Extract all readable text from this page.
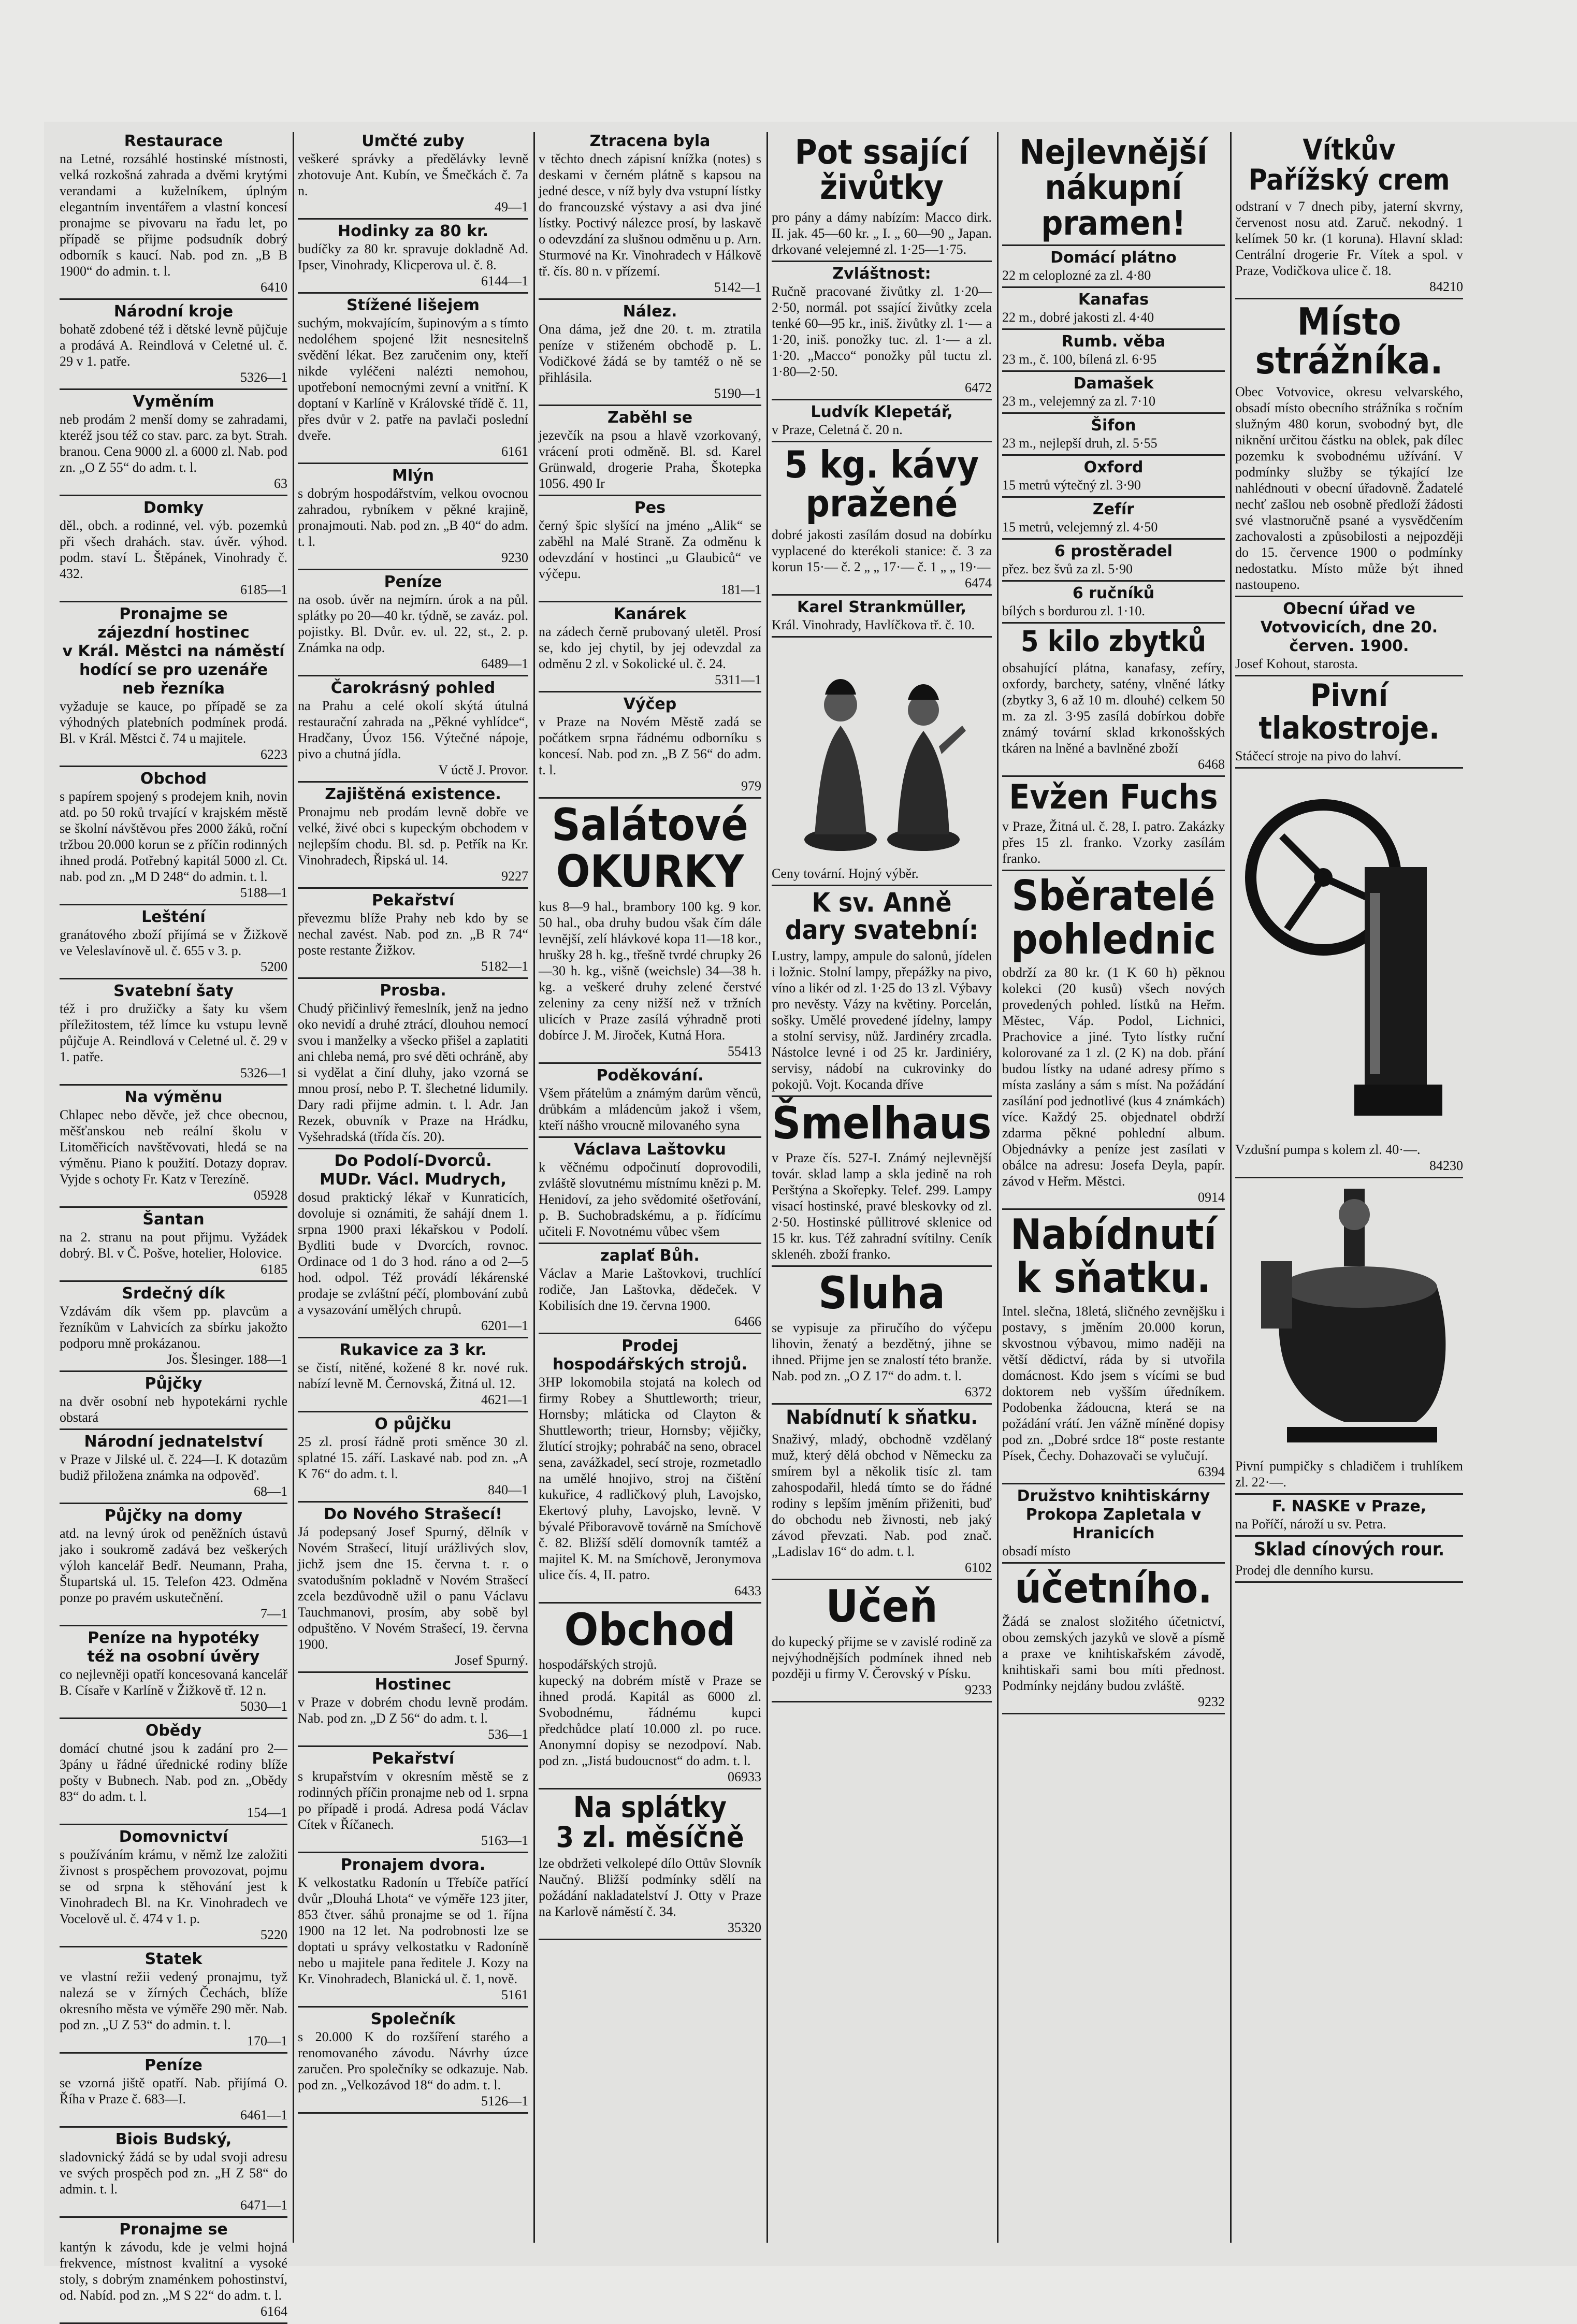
Restaurace

na Letné, rozsáhlé hostinské místnosti, velká rozkošná zahrada a dvěmi krytými verandami a kuželníkem, úplným elegantním inventářem a vlastní koncesí pronajme se pivovaru na řadu let, po případě se přijme podsudník dobrý odborník s kaucí. Nab. pod zn. „B B 1900“ do admin. t. l.

6410
Národní kroje

bohatě zdobené též i dětské levně půjčuje a prodává A. Reindlová v Celetné ul. č. 29 v 1. patře.

5326—1
Vyměním

neb prodám 2 menší domy se zahradami, kteréž jsou též co stav. parc. za byt. Strah. branou. Cena 9000 zl. a 6000 zl. Nab. pod zn. „O Z 55“ do adm. t. l.

63
Domky

děl., obch. a rodinné, vel. výb. pozemků při všech drahách. stav. úvěr. výhod. podm. staví L. Štěpánek, Vinohrady č. 432.

6185—1
Pronajme se
zájezdní hostinec
v Král. Městci na náměstí
hodící se pro uzenáře
neb řezníka

vyžaduje se kauce, po případě se za výhodných platebních podmínek prodá. Bl. v Král. Městci č. 74 u majitele.

6223
Obchod

s papírem spojený s prodejem knih, novin atd. po 50 roků trvající v krajském městě se školní návštěvou přes 2000 žáků, roční tržbou 20.000 korun se z příčin rodinných ihned prodá. Potřebný kapitál 5000 zl. Ct. nab. pod zn. „M D 248“ do admin. t. l.

5188—1
Lešténí

granátového zboží přijímá se v Žižkově ve Veleslavínově ul. č. 655 v 3. p.

5200
Svatební šaty

též i pro družičky a šaty ku všem příležitostem, též límce ku vstupu levně půjčuje A. Reindlová v Celetné ul. č. 29 v 1. patře.

5326—1
Na výměnu

Chlapec nebo děvče, jež chce obecnou, měšťanskou neb reální školu v Litoměřicích navštěvovati, hledá se na výměnu. Piano k použití. Dotazy doprav. Vyjde s ochoty Fr. Katz v Terezíně.

05928
Šantan

na 2. stranu na pout přijmu. Vyžádek dobrý. Bl. v Č. Pošve, hotelier, Holovice.

6185
Srdečný dík

Vzdávám dík všem pp. plavcům a řezníkům v Lahvicích za sbírku jakožto podporu mně prokázanou.

Jos. Šlesinger. 188—1
Půjčky

na dvěr osobní neb hypotekárni rychle obstará

Národní jednatelství

v Praze v Jilské ul. č. 224—I. K dotazům budiž přiložena známka na odpověď.

68—1
Půjčky na domy

atd. na levný úrok od peněžních ústavů jako i soukromě zadává bez veškerých výloh kancelář Bedř. Neumann, Praha, Štupartská ul. 15. Telefon 423. Odměna ponze po pravém uskutečnění.

7—1
Peníze na hypotéky
též na osobní úvěry

co nejlevněji opatří koncesovaná kancelář B. Císaře v Karlíně v Žižkově tř. 12 n.

5030—1
Obědy

domácí chutné jsou k zadání pro 2—3pány u řádné úřednické rodiny blíže pošty v Bubnech. Nab. pod zn. „Obědy 83“ do adm. t. l.

154—1
Domovnictví

s používáním krámu, v němž lze založiti živnost s prospěchem provozovat, pojmu se od srpna k stěhování jest k Vinohradech Bl. na Kr. Vinohradech ve Vocelově ul. č. 474 v 1. p.

5220
Statek

ve vlastní režii vedený pronajmu, tyž nalezá se v žírných Čechách, blíže okresního města ve výměře 290 měr. Nab. pod zn. „U Z 53“ do admin. t. l.

170—1
Peníze

se vzorná jiště opatří. Nab. přijímá O. Říha v Praze č. 683—I.

6461—1
Biois Budský,

sladovnický žádá se by udal svoji adresu ve svých prospěch pod zn. „H Z 58“ do admin. t. l.

6471—1
Pronajme se

kantýn k závodu, kde je velmi hojná frekvence, místnost kvalitní a vysoké stoly, s dobrým znaménkem pohostinství, od. Nabíd. pod zn. „M S 22“ do adm. t. l.

6164
Umčté zuby

veškeré správky a předělávky levně zhotovuje Ant. Kubín, ve Šmečkách č. 7a n.

49—1
Hodinky za 80 kr.

budíčky za 80 kr. spravuje dokladně Ad. Ipser, Vinohrady, Klicperova ul. č. 8.

6144—1
Stížené lišejem

suchým, mokvajícím, šupinovým a s tímto nedoléhem spojené lžit nesnesitelnš svědění lékat. Bez zaručenim ony, kteří nikde vyléčeni nalézti nemohou, upotřeboní nemocnými zevní a vnitřní. K doptaní v Karlíně v Královské třídě č. 11, přes dvůr v 2. patře na pavlači poslední dveře.

6161
Mlýn

s dobrým hospodářstvím, velkou ovocnou zahradou, rybníkem v pěkné krajině, pronajmouti. Nab. pod zn. „B 40“ do adm. t. l.

9230
Peníze

na osob. úvěr na nejmírn. úrok a na půl. splátky po 20—40 kr. týdně, se zaváz. pol. pojistky. Bl. Dvůr. ev. ul. 22, st., 2. p. Známka na odp.

6489—1
Čarokrásný pohled

na Prahu a celé okolí skýtá útulná restaurační zahrada na „Pěkné vyhlídce“, Hradčany, Úvoz 156. Výtečné nápoje, pivo a chutná jídla.

V úctě J. Provor.
Zajištěná existence.

Pronajmu neb prodám levně dobře ve velké, živé obci s kupeckým obchodem v nejlepším chodu. Bl. sd. p. Petřík na Kr. Vinohradech, Řipská ul. 14.

9227
Pekařství

převezmu blíže Prahy neb kdo by se nechal zavést. Nab. pod zn. „B R 74“ poste restante Žižkov.

5182—1
Prosba.

Chudý přičinlivý řemeslník, jenž na jedno oko nevidí a druhé ztrácí, dlouhou nemocí svou i manželky a všecko přišel a zaplatiti ani chleba nemá, pro své děti ochráně, aby si vydělat a činí dluhy, jako vzorná se mnou prosí, nebo P. T. šlechetné lidumily. Dary radi přijme admin. t. l. Adr. Jan Rezek, obuvník v Praze na Hrádku, Vyšehradská (třída čís. 20).

Do Podolí-Dvorců.
MUDr. Václ. Mudrych,

dosud praktický lékař v Kunraticích, dovoluje si oznámiti, že sahájí dnem 1. srpna 1900 praxi lékařskou v Podolí. Bydliti bude v Dvorcích, rovnoc. Ordinace od 1 do 3 hod. ráno a od 2—5 hod. odpol. Též provádí lékárenské prodaje se zvláštní péčí, plombování zubů a vysazování umělých chrupů.

6201—1
Rukavice za 3 kr.

se čistí, nitěné, kožené 8 kr. nové ruk. nabízí levně M. Černovská, Žitná ul. 12.

4621—1
O půjčku

25 zl. prosí řádně proti směnce 30 zl. splatné 15. září. Laskavé nab. pod zn. „A K 76“ do adm. t. l.

840—1
Do Nového Strašecí!

Já podepsaný Josef Spurný, dělník v Novém Strašecí, litují urážlivých slov, jichž jsem dne 15. června t. r. o svatodušním pokladně v Novém Strašecí zcela bezdůvodně užil o panu Václavu Tauchmanovi, prosím, aby sobě byl odpuštěno. V Novém Strašecí, 19. června 1900.

Josef Spurný.
Hostinec

v Praze v dobrém chodu levně prodám. Nab. pod zn. „D Z 56“ do adm. t. l.

536—1
Pekařství

s krupařstvím v okresním městě se z rodinných příčin pronajme neb od 1. srpna po případě i prodá. Adresa podá Václav Cítek v Říčanech.

5163—1
Pronajem dvora.

K velkostatku Radonín u Třebíče patřící dvůr „Dlouhá Lhota“ ve výměře 123 jiter, 853 čtver. sáhů pronajme se od 1. října 1900 na 12 let. Na podrobnosti lze se doptati u správy velkostatku v Radoníně nebo u majitele pana ředitele J. Kozy na Kr. Vinohradech, Blanická ul. č. 1, nově.

5161
Společník

s 20.000 K do rozšíření starého a renomovaného závodu. Návrhy úzce zaručen. Pro společníky se odkazuje. Nab. pod zn. „Velkozávod 18“ do adm. t. l.

5126—1
Ztracena byla

v těchto dnech zápisní knížka (notes) s deskami v černém plátně s kapsou na jedné desce, v níž byly dva vstupní lístky do francouzské výstavy a asi dva jiné lístky. Poctivý nálezce prosí, by laskavě o odevzdání za slušnou odměnu u p. Arn. Sturmové na Kr. Vinohradech v Hálkově tř. čís. 80 n. v přízemí.

5142—1
Nález.

Ona dáma, jež dne 20. t. m. ztratila peníze v stiženém obchodě p. L. Vodičkové žádá se by tamtéž o ně se přihlásila.

5190—1
Zaběhl se

jezevčík na psou a hlavě vzorkovaný, vrácení proti odměně. Bl. sd. Karel Grünwald, drogerie Praha, Škotepka 1056. 490 Ir

Pes

černý špic slyšící na jméno „Alik“ se zaběhl na Malé Straně. Za odměnu k odevzdání v hostinci „u Glaubiců“ ve výčepu.

181—1
Kanárek

na zádech černě prubovaný uletěl. Prosí se, kdo jej chytil, by jej odevzdal za odměnu 2 zl. v Sokolické ul. č. 24.

5311—1
Výčep

v Praze na Novém Městě zadá se počátkem srpna řádnému odborníku s koncesí. Nab. pod zn. „B Z 56“ do adm. t. l.

979
Salátové
OKURKY

kus 8—9 hal., brambory 100 kg. 9 kor. 50 hal., oba druhy budou však čím dále levnější, zelí hlávkové kopa 11—18 kor., hrušky 28 h. kg., třešně tvrdé chrupky 26—30 h. kg., višně (weichsle) 34—38 h. kg. a veškeré druhy zelené čerstvé zeleniny za ceny nižší než v tržních ulicích v Praze zasílá výhradně proti dobírce J. M. Jiroček, Kutná Hora.

55413
Poděkování.

Všem přátelům a známým darům věnců, drůbkám a mládencům jakož i všem, kteří nášho vroucně milovaného syna

Václava Laštovku

k věčnému odpočinutí doprovodili, zvláště slovutnému místnímu knězi p. M. Henidoví, za jeho svědomité ošetřování, p. B. Suchobradskému, a p. řídícímu učiteli F. Novotnému vůbec všem

zaplať Bůh.

Václav a Marie Laštovkovi, truchlící rodiče, Jan Laštovka, dědeček. V Kobilisích dne 19. června 1900.

6466
Prodej
hospodářských strojů.

3HP lokomobila stojatá na kolech od firmy Robey a Shuttleworth; trieur, Hornsby; mláticka od Clayton & Shuttleworth; trieur, Hornsby; vějičky, žlutící strojky; pohrabáč na seno, obracel sena, zavážkadel, secí stroje, rozmetadlo na umělé hnojivo, stroj na čištění kukuřice, 4 radličkový pluh, Lavojsko, Ekertový pluhy, Lavojsko, levně. V bývalé Přiboravově továrně na Smíchově č. 82. Bližší sdělí domovník tamtéž a majitel K. M. na Smíchově, Jeronymova ulice čís. 4, II. patro.

6433
Obchod

hospodářských strojů.
kupecký na dobrém místě v Praze se ihned prodá. Kapitál as 6000 zl. Svobodnému, řádnému kupci předchůdce platí 10.000 zl. po ruce. Anonymní dopisy se nezodpoví. Nab. pod zn. „Jistá budoucnost“ do adm. t. l.

06933
Na splátky
3 zl. měsíčně

lze obdržeti velkolepé dílo Ottův Slovník Naučný. Bližší podmínky sdělí na požádání nakladatelství J. Otty v Praze na Karlově náměstí č. 34.

35320
Pot ssající
živůtky

pro pány a dámy nabízím: Macco dirk. II. jak. 45—60 kr. „ I. „ 60—90 „ Japan. drkované velejemné zl. 1·25—1·75.

Zvláštnost:

Ručně pracované živůtky zl. 1·20—2·50, normál. pot ssající živůtky zcela tenké 60—95 kr., iniš. živůtky zl. 1·— a 1·20, iniš. ponožky tuc. zl. 1·— a zl. 1·20. „Macco“ ponožky půl tuctu zl. 1·80—2·50.

6472
Ludvík Klepetář,

v Praze, Celetná č. 20 n.

5 kg. kávy
pražené

dobré jakosti zasílám dosud na dobírku vyplacené do kterékoli stanice: č. 3 za korun 15·— č. 2 „ „ 17·— č. 1 „ „ 19·—

6474
Karel Strankmüller,

Král. Vinohrady, Havlíčkova tř. č. 10.

Ceny tovární. Hojný výběr.

K sv. Anně
dary svatební:

Lustry, lampy, ampule do salonů, jídelen i ložnic. Stolní lampy, přepážky na pivo, víno a likér od zl. 1·25 do 13 zl. Výbavy pro nevěsty. Vázy na květiny. Porcelán, sošky. Umělé provedené jídelny, lampy a stolní servisy, nůž. Jardinéry zrcadla. Nástolce levné i od 25 kr. Jardiniéry, servisy, nádobí na cukrovinky do pokojů. Vojt. Kocanda dříve

Šmelhaus

v Praze čís. 527-I. Známý nejlevnější továr. sklad lamp a skla jedině na roh Perštýna a Skořepky. Telef. 299. Lampy visací hostinské, pravé bleskovky od zl. 2·50. Hostinské půllitrové sklenice od 15 kr. kus. Též zahradní svítilny. Ceník sklenéh. zboží franko.

Sluha

se vypisuje za přiručího do výčepu lihovin, ženatý a bezdětný, jihne se ihned. Přijme jen se znalostí této branže. Nab. pod zn. „O Z 17“ do adm. t. l.

6372
Nabídnutí k sňatku.

Snaživý, mladý, obchodně vzdělaný muž, který dělá obchod v Německu za smírem byl a několik tisíc zl. tam zahospodařil, hledá tímto se do řádné rodiny s lepším jměním přiženiti, buď do obchodu neb živnosti, neb jaký závod převzati. Nab. pod znač. „Ladislav 16“ do adm. t. l.

6102
Učeň

do kupecký přijme se v zavislé rodině za nejvýhodnějších podmínek ihned neb později u firmy V. Čerovský v Písku.

9233
Nejlevnější
nákupní
pramen!
Domácí plátno

22 m celoplozné za zl. 4·80

Kanafas

22 m., dobré jakosti zl. 4·40

Rumb. věba

23 m., č. 100, bílená zl. 6·95

Damašek

23 m., velejemný za zl. 7·10

Šifon

23 m., nejlepší druh, zl. 5·55

Oxford

15 metrů výtečný zl. 3·90

Zefír

15 metrů, velejemný zl. 4·50

6 prostěradel

přez. bez švů za zl. 5·90

6 ručníků

bílých s bordurou zl. 1·10.

5 kilo zbytků

obsahující plátna, kanafasy, zefíry, oxfordy, barchety, satény, vlněné látky (zbytky 3, 6 až 10 m. dlouhé) celkem 50 m. za zl. 3·95 zasílá dobírkou dobře známý tovární sklad krkonošských tkáren na lněné a bavlněné zboží

6468
Evžen Fuchs

v Praze, Žitná ul. č. 28, I. patro. Zakázky přes 15 zl. franko. Vzorky zasílám franko.

Sběratelé
pohlednic

obdrží za 80 kr. (1 K 60 h) pěknou kolekci (20 kusů) všech nových provedených pohled. lístků na Heřm. Městec, Váp. Podol, Lichnici, Prachovice a jiné. Tyto lístky ruční kolorované za 1 zl. (2 K) na dob. přání budou lístky na udané adresy přímo s místa zaslány a sám s míst. Na požádání zasílání pod jednotlivé (kus 4 známkách) více. Každý 25. objednatel obdrží zdarma pěkné pohlední album. Objednávky a peníze jest zasílati v obálce na adresu: Josefa Deyla, papír. závod v Heřm. Městci.

0914
Nabídnutí
k sňatku.

Intel. slečna, 18letá, sličného zevnějšku i postavy, s jměním 20.000 korun, skvostnou výbavou, mimo naději na větší dědictví, ráda by si utvořila domácnost. Kdo jsem s vícími se bud doktorem neb vyšším úředníkem. Podobenka žádoucna, která se na požádání vrátí. Jen vážně míněné dopisy pod zn. „Dobré srdce 18“ poste restante Písek, Čechy. Dohazovači se vylučují.

6394
Družstvo knihtiskárny
Prokopa Zapletala v Hranicích

obsadí místo

účetního.

Žádá se znalost složitého účetnictví, obou zemských jazyků ve slově a písmě a praxe ve knihtiskařském závodě, knihtiskaři sami bou míti přednost. Podmínky nejdány budou zvláště.

9232
Vítkův
Pařížský crem

odstraní v 7 dnech piby, jaterní skvrny, červenost nosu atd. Zaruč. nekodný. 1 kelímek 50 kr. (1 koruna). Hlavní sklad: Centrální drogerie Fr. Vítek a spol. v Praze, Vodičkova ulice č. 18.

84210
Místo
strážníka.

Obec Votvovice, okresu velvarského, obsadí místo obecního strážníka s ročním služným 480 korun, svobodný byt, dle niknění určitou částku na oblek, pak dílec pozemku k svobodnému užívání. V podmínky služby se týkající lze nahlédnouti v obecní úřadovně. Žadatelé nechť zašlou neb osobně předloží žádosti své vlastnoručně psané a vysvědčením zachovalosti a způsobilosti a nejpozději do 15. července 1900 o podmínky nedostatku. Místo může být ihned nastoupeno.

Obecní úřad ve Votvovicích, dne 20. červen. 1900.

Josef Kohout, starosta.

Pivní
tlakostroje.

Stáčecí stroje na pivo do lahví.

Vzdušní pumpa s kolem zl. 40·—.

84230

Pivní pumpičky s chladičem i truhlíkem zl. 22·—.

F. NASKE v Praze,

na Poříčí, nároží u sv. Petra.

Sklad cínových rour.

Prodej dle denního kursu.
